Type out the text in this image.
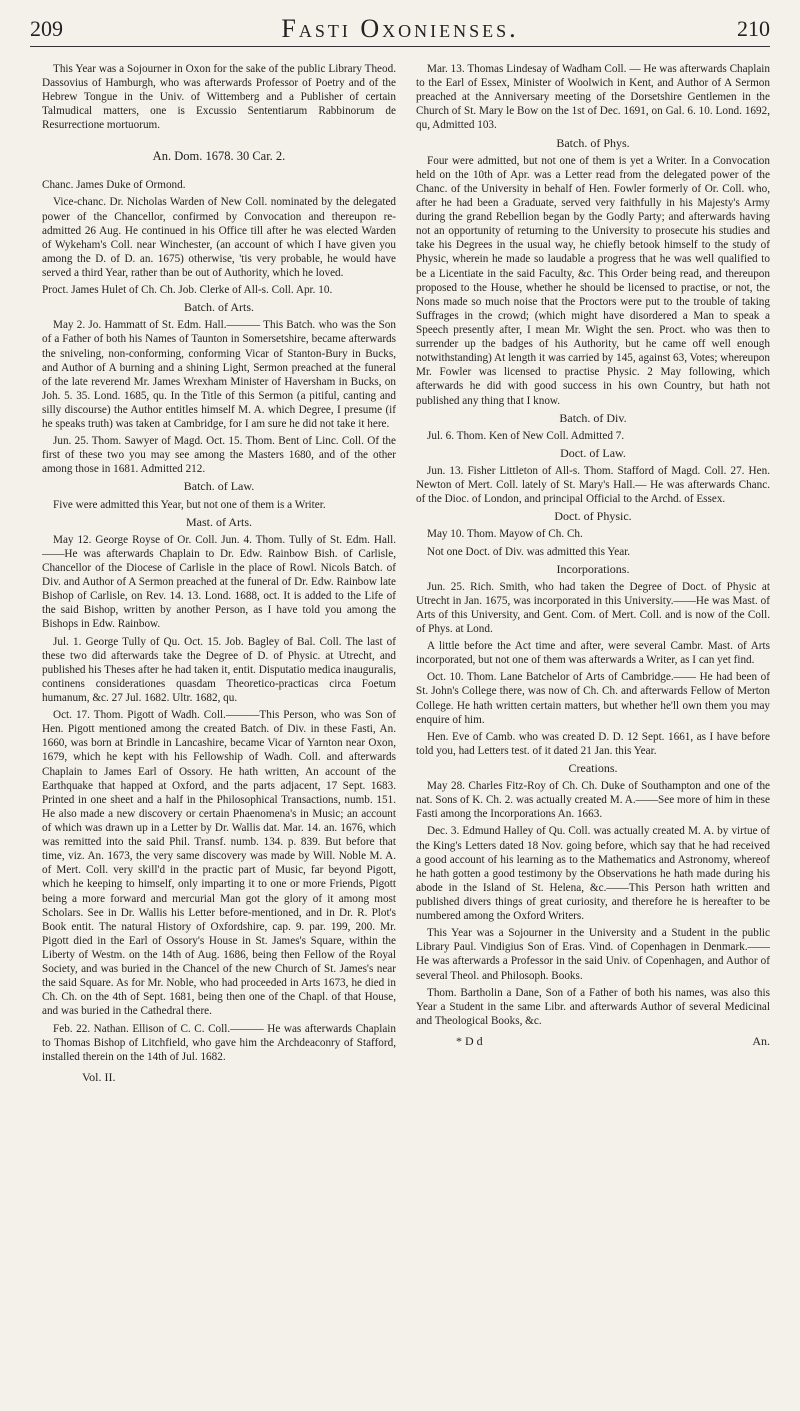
209	Fasti Oxonienses.	210

This Year was a Sojourner in Oxon for the sake of the public Library Theod. Dassovius of Hamburgh, who was afterwards Professor of Poetry and of the Hebrew Tongue in the Univ. of Wittemberg and a Publisher of certain Talmudical matters, one is Excussio Sententiarum Rabbinorum de Resurrectione mortuorum.

An. Dom. 1678. 30 Car. 2.

Chanc. James Duke of Ormond.

Vice-chanc. Dr. Nicholas Warden of New Coll. nominated by the delegated power of the Chancellor, confirmed by Convocation and thereupon re-admitted 26 Aug. He continued in his Office till after he was elected Warden of Wykeham's Coll. near Winchester, (an account of which I have given you among the D. of D. an. 1675) otherwise, 'tis very probable, he would have served a third Year, rather than be out of Authority, which he loved.

Proct. James Hulet of Ch. Ch. Job. Clerke of All-s. Coll. Apr. 10.

Batch. of Arts.

May 2. Jo. Hammatt of St. Edm. Hall.——— This Batch. who was the Son of a Father of both his Names of Taunton in Somersetshire, became afterwards the sniveling, non-conforming, conforming Vicar of Stanton-Bury in Bucks, and Author of A burning and a shining Light, Sermon preached at the funeral of the late reverend Mr. James Wrexham Minister of Haversham in Bucks, on Joh. 5. 35. Lond. 1685, qu. In the Title of this Sermon (a pitiful, canting and silly discourse) the Author entitles himself M. A. which Degree, I presume (if he speaks truth) was taken at Cambridge, for I am sure he did not take it here.

Jun. 25. Thom. Sawyer of Magd. Oct. 15. Thom. Bent of Linc. Coll. Of the first of these two you may see among the Masters 1680, and of the other among those in 1681. Admitted 212.

Batch. of Law.

Five were admitted this Year, but not one of them is a Writer.

Mast. of Arts.

May 12. George Royse of Or. Coll. Jun. 4. Thom. Tully of St. Edm. Hall.——He was afterwards Chaplain to Dr. Edw. Rainbow Bish. of Carlisle, Chancellor of the Diocese of Carlisle in the place of Rowl. Nicols Batch. of Div. and Author of A Sermon preached at the funeral of Dr. Edw. Rainbow late Bishop of Carlisle, on Rev. 14. 13. Lond. 1688, oct. It is added to the Life of the said Bishop, written by another Person, as I have told you among the Bishops in Edw. Rainbow.

Jul. 1. George Tully of Qu. Oct. 15. Job. Bagley of Bal. Coll. The last of these two did afterwards take the Degree of D. of Physic. at Utrecht, and published his Theses after he had taken it, entit. Disputatio medica inauguralis, continens considerationes quasdam Theoretico-practicas circa Foetum humanum, &c. 27 Jul. 1682. Ultr. 1682, qu.

Oct. 17. Thom. Pigott of Wadh. Coll.———This Person, who was Son of Hen. Pigott mentioned among the created Batch. of Div. in these Fasti, An. 1660, was born at Brindle in Lancashire, became Vicar of Yarnton near Oxon, 1679, which he kept with his Fellowship of Wadh. Coll. and afterwards Chaplain to James Earl of Ossory. He hath written, An account of the Earthquake that happed at Oxford, and the parts adjacent, 17 Sept. 1683. Printed in one sheet and a half in the Philosophical Transactions, numb. 151. He also made a new discovery or certain Phaenomena's in Music; an account of which was drawn up in a Letter by Dr. Wallis dat. Mar. 14. an. 1676, which was remitted into the said Phil. Transf. numb. 134. p. 839. But before that time, viz. An. 1673, the very same discovery was made by Will. Noble M. A. of Mert. Coll. very skill'd in the practic part of Music, far beyond Pigott, which he keeping to himself, only imparting it to one or more Friends, Pigott being a more forward and mercurial Man got the glory of it among most Scholars. See in Dr. Wallis his Letter before-mentioned, and in Dr. R. Plot's Book entit. The natural History of Oxfordshire, cap. 9. par. 199, 200. Mr. Pigott died in the Earl of Ossory's House in St. James's Square, within the Liberty of Westm. on the 14th of Aug. 1686, being then Fellow of the Royal Society, and was buried in the Chancel of the new Church of St. James's near the said Square. As for Mr. Noble, who had proceeded in Arts 1673, he died in Ch. Ch. on the 4th of Sept. 1681, being then one of the Chapl. of that House, and was buried in the Cathedral there.

Feb. 22. Nathan. Ellison of C. C. Coll.——— He was afterwards Chaplain to Thomas Bishop of Litchfield, who gave him the Archdeaconry of Stafford, installed therein on the 14th of Jul. 1682.

Vol. II.

Mar. 13. Thomas Lindesay of Wadham Coll. — He was afterwards Chaplain to the Earl of Essex, Minister of Woolwich in Kent, and Author of A Sermon preached at the Anniversary meeting of the Dorsetshire Gentlemen in the Church of St. Mary le Bow on the 1st of Dec. 1691, on Gal. 6. 10. Lond. 1692, qu, Admitted 103.

Batch. of Phys.

Four were admitted, but not one of them is yet a Writer. In a Convocation held on the 10th of Apr. was a Letter read from the delegated power of the Chanc. of the University in behalf of Hen. Fowler formerly of Or. Coll. who, after he had been a Graduate, served very faithfully in his Majesty's Army during the grand Rebellion began by the Godly Party; and afterwards having not an opportunity of returning to the University to prosecute his studies and take his Degrees in the usual way, he chiefly betook himself to the study of Physic, wherein he made so laudable a progress that he was well qualified to be a Licentiate in the said Faculty, &c. This Order being read, and thereupon proposed to the House, whether he should be licensed to practise, or not, the Nons made so much noise that the Proctors were put to the trouble of taking Suffrages in the crowd; (which might have disordered a Man to speak a Speech presently after, I mean Mr. Wight the sen. Proct. who was then to surrender up the badges of his Authority, but he came off well enough notwithstanding) At length it was carried by 145, against 63, Votes; whereupon Mr. Fowler was licensed to practise Physic. 2 May following, which afterwards he did with good success in his own Country, but hath not published any thing that I know.

Batch. of Div.

Jul. 6. Thom. Ken of New Coll. Admitted 7.

Doct. of Law.

Jun. 13. Fisher Littleton of All-s. Thom. Stafford of Magd. Coll. 27. Hen. Newton of Mert. Coll. lately of St. Mary's Hall.— He was afterwards Chanc. of the Dioc. of London, and principal Official to the Archd. of Essex.

Doct. of Physic.

May 10. Thom. Mayow of Ch. Ch.

Not one Doct. of Div. was admitted this Year.

Incorporations.

Jun. 25. Rich. Smith, who had taken the Degree of Doct. of Physic at Utrecht in Jan. 1675, was incorporated in this University.——He was Mast. of Arts of this University, and Gent. Com. of Mert. Coll. and is now of the Coll. of Phys. at Lond.

A little before the Act time and after, were several Cambr. Mast. of Arts incorporated, but not one of them was afterwards a Writer, as I can yet find.

Oct. 10. Thom. Lane Batchelor of Arts of Cambridge.—— He had been of St. John's College there, was now of Ch. Ch. and afterwards Fellow of Merton College. He hath written certain matters, but whether he'll own them you may enquire of him.

Hen. Eve of Camb. who was created D. D. 12 Sept. 1661, as I have before told you, had Letters test. of it dated 21 Jan. this Year.

Creations.

May 28. Charles Fitz-Roy of Ch. Ch. Duke of Southampton and one of the nat. Sons of K. Ch. 2. was actually created M. A.——See more of him in these Fasti among the Incorporations An. 1663.

Dec. 3. Edmund Halley of Qu. Coll. was actually created M. A. by virtue of the King's Letters dated 18 Nov. going before, which say that he had received a good account of his learning as to the Mathematics and Astronomy, whereof he hath gotten a good testimony by the Observations he hath made during his abode in the Island of St. Helena, &c.——This Person hath written and published divers things of great curiosity, and therefore he is hereafter to be numbered among the Oxford Writers.

This Year was a Sojourner in the University and a Student in the public Library Paul. Vindigius Son of Eras. Vind. of Copenhagen in Denmark.——He was afterwards a Professor in the said Univ. of Copenhagen, and Author of several Theol. and Philosoph. Books.

Thom. Bartholin a Dane, Son of a Father of both his names, was also this Year a Student in the same Libr. and afterwards Author of several Medicinal and Theological Books, &c.

* D d	An.
